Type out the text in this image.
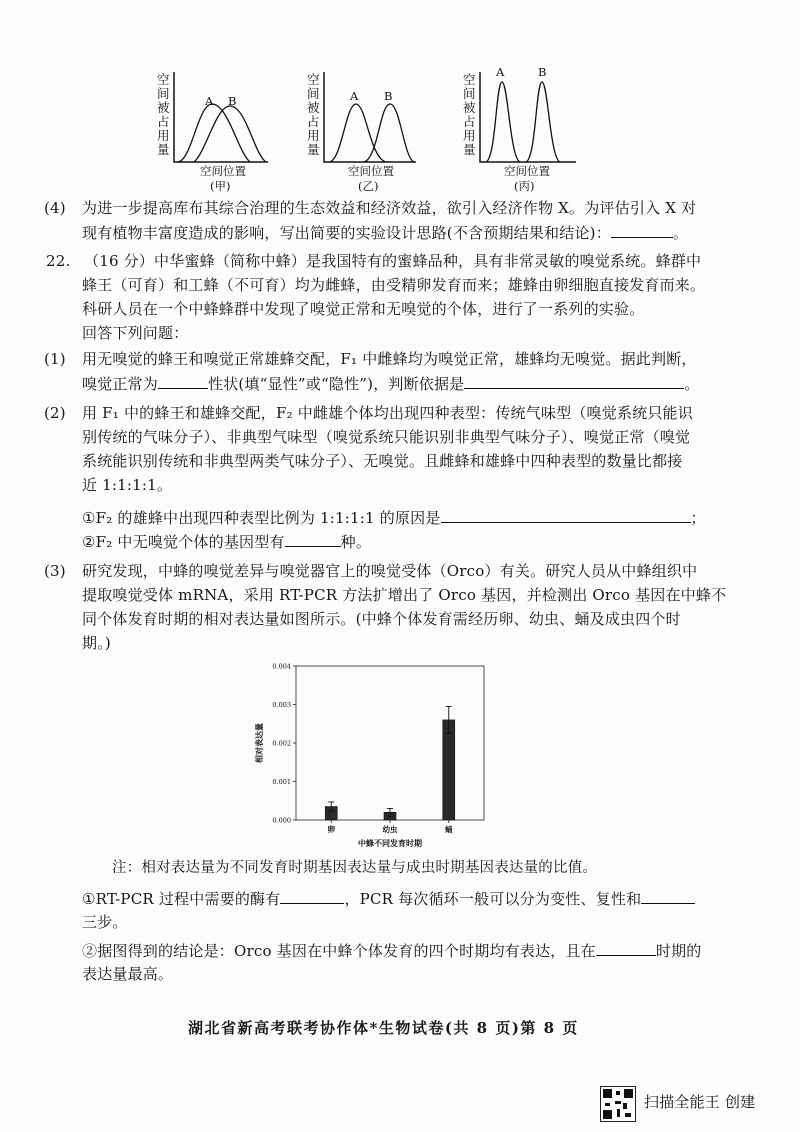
空
间
被
占
用
量
A B
空间位置
(甲)
空
间
被
占
用
量
A B
空间位置
(乙)
空
间
被
占
用
量
A	B
空间位置
(丙)
(4) 为进一步提高库布其综合治理的生态效益和经济效益，欲引入经济作物 X。为评估引入 X 对
现有植物丰富度造成的影响，写出简要的实验设计思路(不含预期结果和结论)：	。
22. （16 分）中华蜜蜂（简称中蜂）是我国特有的蜜蜂品种，具有非常灵敏的嗅觉系统。蜂群中
蜂王（可育）和工蜂（不可育）均为雌蜂，由受精卵发育而来；雄蜂由卵细胞直接发育而来。
科研人员在一个中蜂蜂群中发现了嗅觉正常和无嗅觉的个体，进行了一系列的实验。
回答下列问题：
(1) 用无嗅觉的蜂王和嗅觉正常雄蜂交配，F₁ 中雌蜂均为嗅觉正常，雄蜂均无嗅觉。据此判断，
嗅觉正常为	性状(填“显性”或“隐性”)，判断依据是	。
(2) 用 F₁ 中的蜂王和雄蜂交配，F₂ 中雌雄个体均出现四种表型：传统气味型（嗅觉系统只能识
别传统的气味分子）、非典型气味型（嗅觉系统只能识别非典型气味分子）、嗅觉正常（嗅觉
系统能识别传统和非典型两类气味分子）、无嗅觉。且雌蜂和雄蜂中四种表型的数量比都接
近 1:1:1:1。
①F₂ 的雄蜂中出现四种表型比例为 1:1:1:1 的原因是	；
②F₂ 中无嗅觉个体的基因型有	种。
(3) 研究发现，中蜂的嗅觉差异与嗅觉器官上的嗅觉受体（Orco）有关。研究人员从中蜂组织中
提取嗅觉受体 mRNA，采用 RT-PCR 方法扩增出了 Orco 基因，并检测出 Orco 基因在中蜂不
同个体发育时期的相对表达量如图所示。(中蜂个体发育需经历卵、幼虫、蛹及成虫四个时
期。)
相对表达量
中蜂不同发育时期
0.000
0.001
0.002
0.003
0.004
卵	幼虫	蛹
注：相对表达量为不同发育时期基因表达量与成虫时期基因表达量的比值。
①RT-PCR 过程中需要的酶有	，PCR 每次循环一般可以分为变性、复性和
三步。
②据图得到的结论是：Orco 基因在中蜂个体发育的四个时期均有表达，且在	时期的
表达量最高。
湖北省新高考联考协作体*生物试卷(共 8 页)第 8 页
扫描全能王 创建
